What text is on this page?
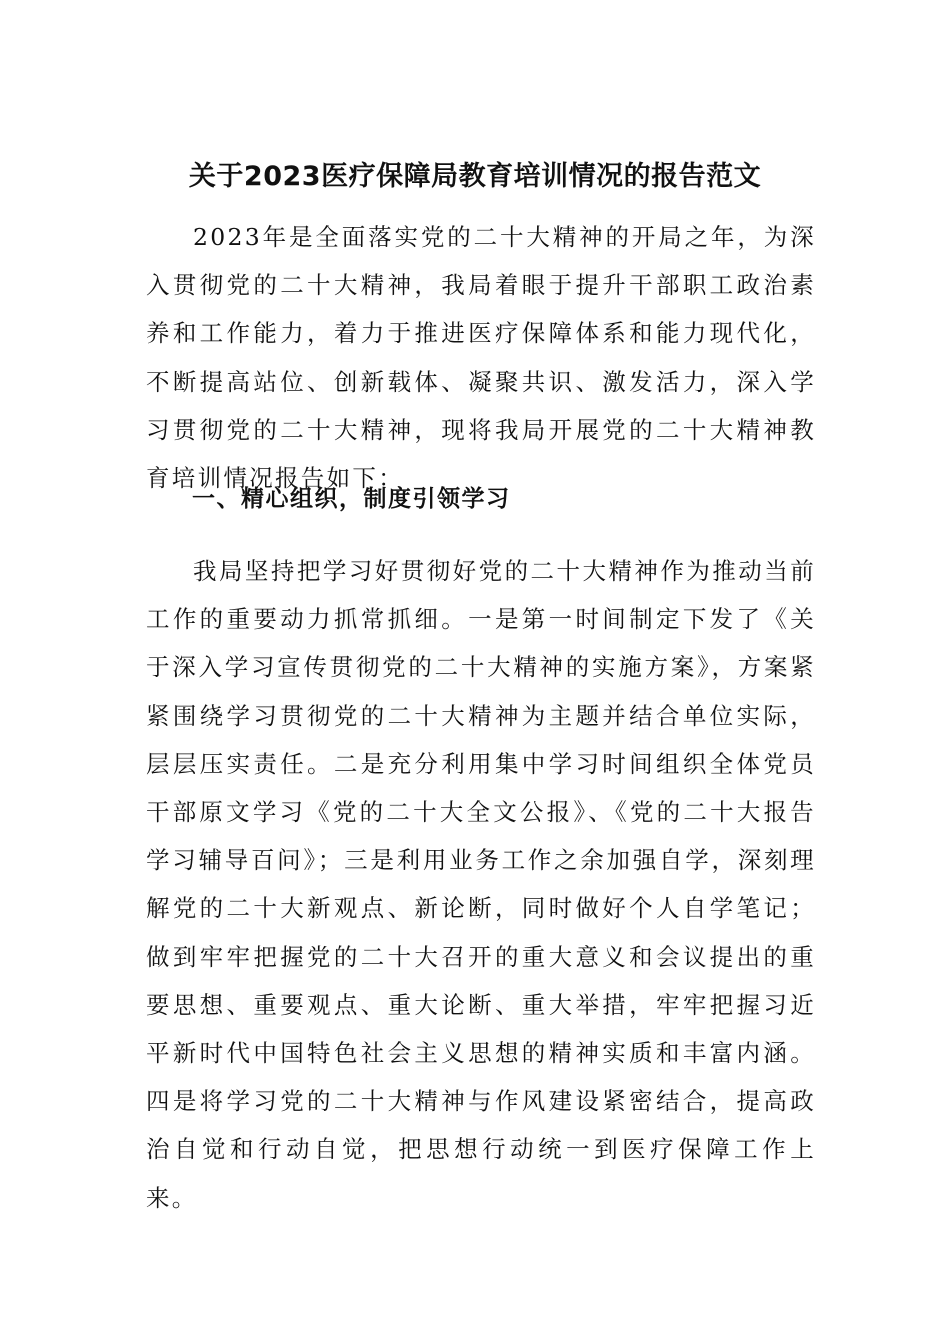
关于2023医疗保障局教育培训情况的报告范文

2023年是全面落实党的二十大精神的开局之年，为深入贯彻党的二十大精神，我局着眼于提升干部职工政治素养和工作能力，着力于推进医疗保障体系和能力现代化，不断提高站位、创新载体、凝聚共识、激发活力，深入学习贯彻党的二十大精神，现将我局开展党的二十大精神教育培训情况报告如下：

一、精心组织，制度引领学习

我局坚持把学习好贯彻好党的二十大精神作为推动当前工作的重要动力抓常抓细。一是第一时间制定下发了《关于深入学习宣传贯彻党的二十大精神的实施方案》，方案紧紧围绕学习贯彻党的二十大精神为主题并结合单位实际，层层压实责任。二是充分利用集中学习时间组织全体党员干部原文学习《党的二十大全文公报》、《党的二十大报告学习辅导百问》；三是利用业务工作之余加强自学，深刻理解党的二十大新观点、新论断，同时做好个人自学笔记；做到牢牢把握党的二十大召开的重大意义和会议提出的重要思想、重要观点、重大论断、重大举措，牢牢把握习近平新时代中国特色社会主义思想的精神实质和丰富内涵。四是将学习党的二十大精神与作风建设紧密结合，提高政治自觉和行动自觉，把思想行动统一到医疗保障工作上来。
